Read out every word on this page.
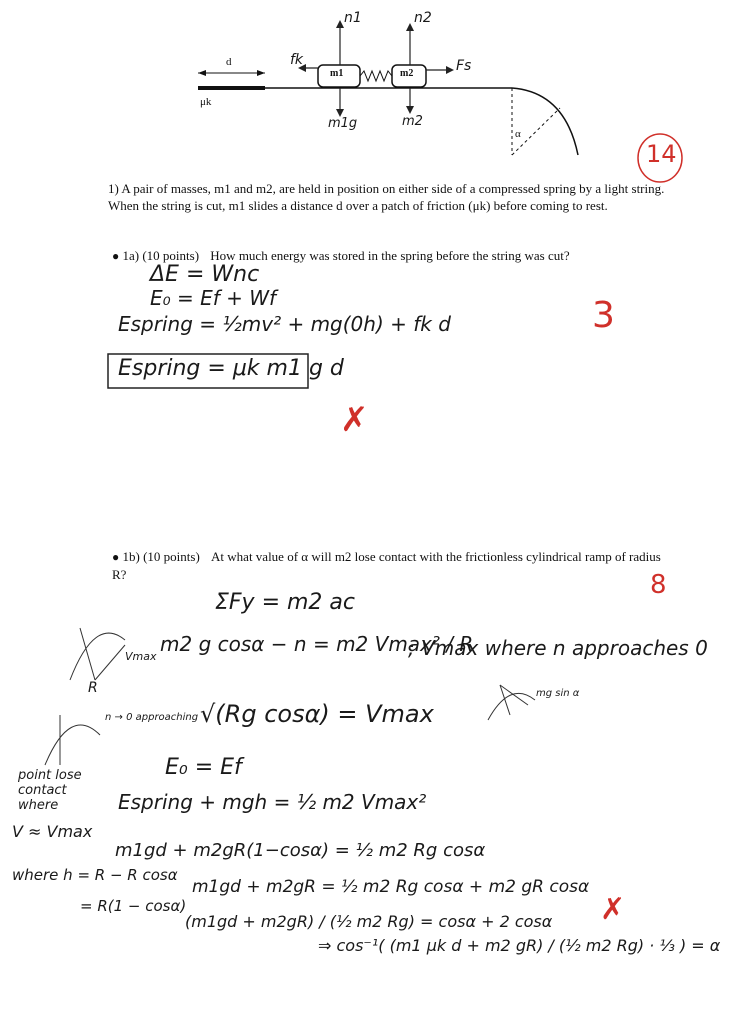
d
μk
m1	m2
fk	Fs
n1	n2
m1g	m2
α
14
1) A pair of masses, m1 and m2, are held in position on either side of a compressed spring by a light string. When the string is cut, m1 slides a distance d over a patch of friction (μk) before coming to rest.
● 1a) (10 points) How much energy was stored in the spring before the string was cut?
ΔE = Wnc
E₀ = Ef + Wf
Espring = ½mv² + mg(0h) + fk d
Espring = μk m1 g d
3
✗
● 1b) (10 points) At what value of α will m2 lose contact with the frictionless cylindrical ramp of radius R?	8
ΣFy = m2 ac
m2 g cosα − n = m2 Vmax² / R
; Vmax where n approaches 0
√(Rg cosα) = Vmax
E₀ = Ef
Espring + mgh = ½ m2 Vmax²
m1gd + m2gR(1−cosα) = ½ m2 Rg cosα
m1gd + m2gR = ½ m2 Rg cosα + m2 gR cosα
(m1gd + m2gR) / (½ m2 Rg) = cosα + 2 cosα
⇒ cos⁻¹( (m1 μk d + m2 gR) / (½ m2 Rg) · ⅓ ) = α
✗
point lose contact where
V ≈ Vmax
where h = R − R cosα
= R(1 − cosα)
n → 0 approaching
mg sin α
Vmax
R
